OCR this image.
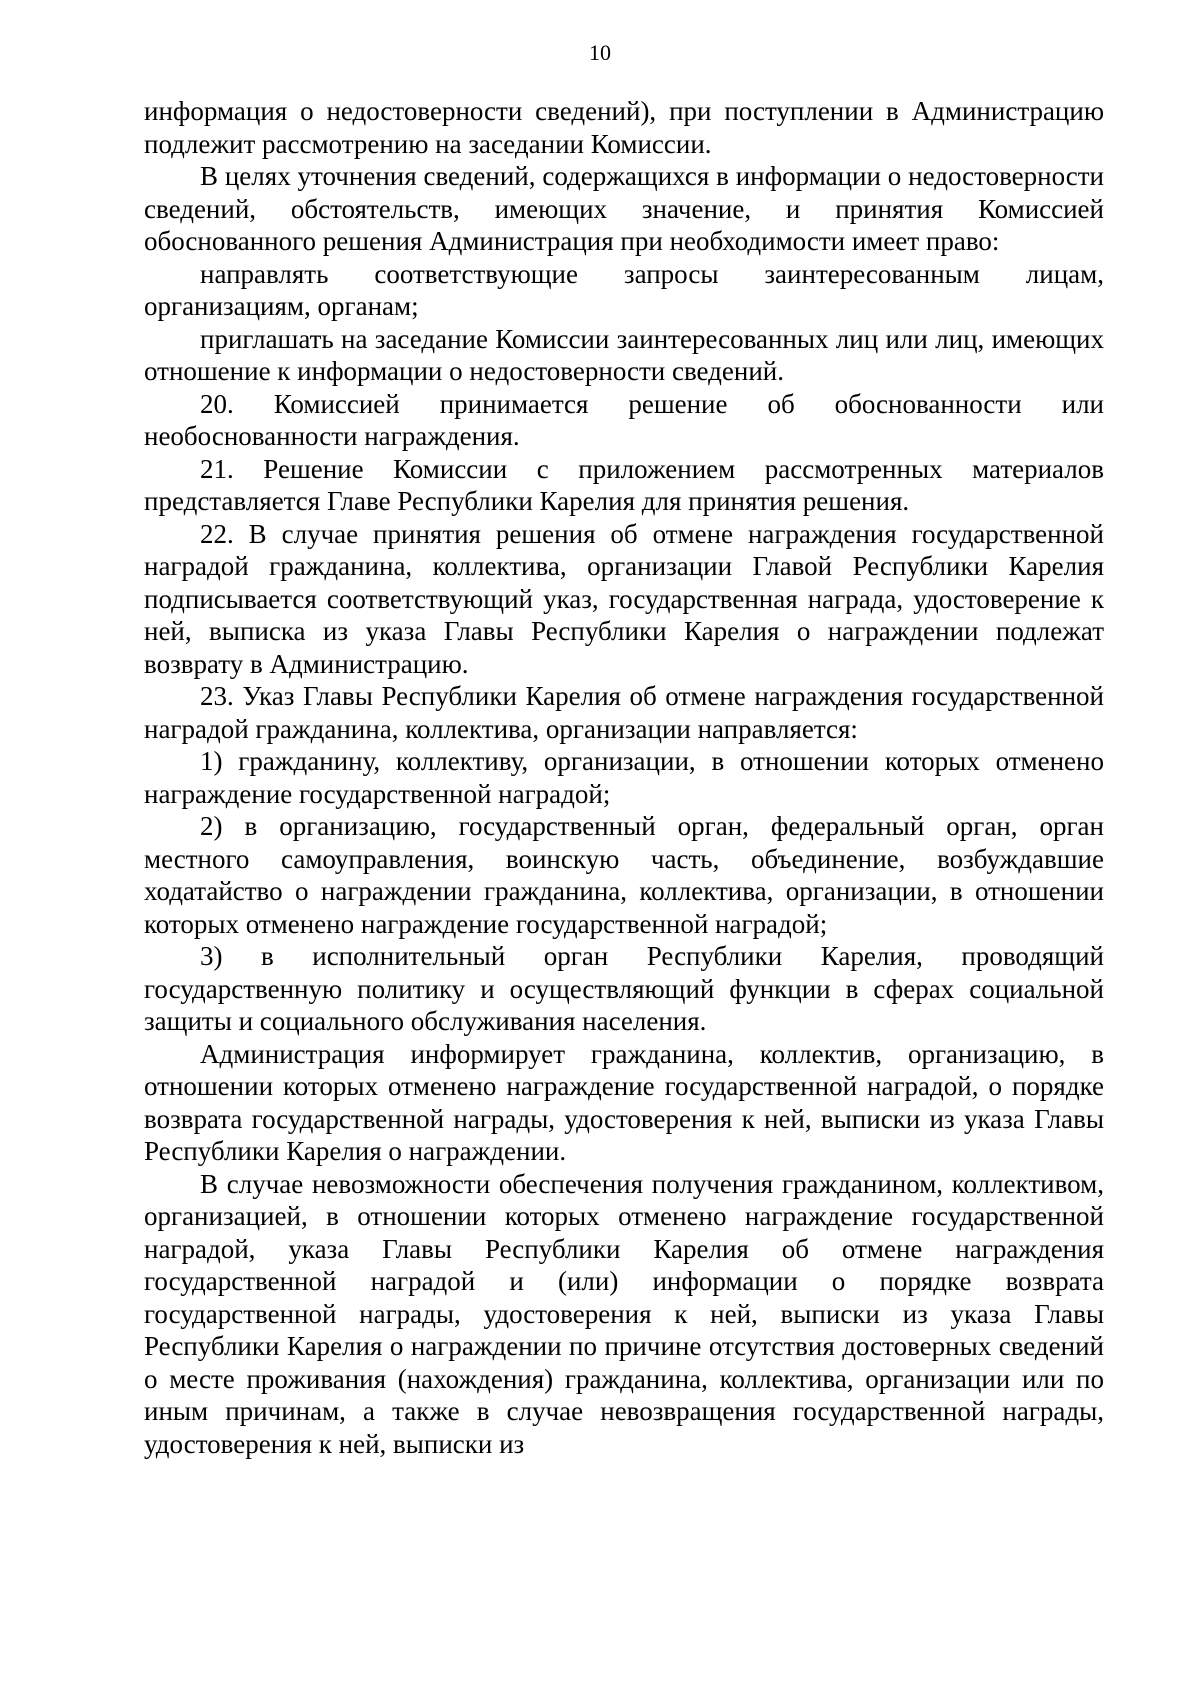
10

информация о недостоверности сведений), при поступлении в Администрацию подлежит рассмотрению на заседании Комиссии.

В целях уточнения сведений, содержащихся в информации о недостоверности сведений, обстоятельств, имеющих значение, и принятия Комиссией обоснованного решения Администрация при необходимости имеет право:

направлять соответствующие запросы заинтересованным лицам, организациям, органам;

приглашать на заседание Комиссии заинтересованных лиц или лиц, имеющих отношение к информации о недостоверности сведений.

20. Комиссией принимается решение об обоснованности или необоснованности награждения.

21. Решение Комиссии с приложением рассмотренных материалов представляется Главе Республики Карелия для принятия решения.

22. В случае принятия решения об отмене награждения государственной наградой гражданина, коллектива, организации Главой Республики Карелия подписывается соответствующий указ, государственная награда, удостоверение к ней, выписка из указа Главы Республики Карелия о награждении подлежат возврату в Администрацию.

23. Указ Главы Республики Карелия об отмене награждения государственной наградой гражданина, коллектива, организации направляется:

1) гражданину, коллективу, организации, в отношении которых отменено награждение государственной наградой;

2) в организацию, государственный орган, федеральный орган, орган местного самоуправления, воинскую часть, объединение, возбуждавшие ходатайство о награждении гражданина, коллектива, организации, в отношении которых отменено награждение государственной наградой;

3) в исполнительный орган Республики Карелия, проводящий государственную политику и осуществляющий функции в сферах социальной защиты и социального обслуживания населения.

Администрация информирует гражданина, коллектив, организацию, в отношении которых отменено награждение государственной наградой, о порядке возврата государственной награды, удостоверения к ней, выписки из указа Главы Республики Карелия о награждении.

В случае невозможности обеспечения получения гражданином, коллективом, организацией, в отношении которых отменено награждение государственной наградой, указа Главы Республики Карелия об отмене награждения государственной наградой и (или) информации о порядке возврата государственной награды, удостоверения к ней, выписки из указа Главы Республики Карелия о награждении по причине отсутствия достоверных сведений о месте проживания (нахождения) гражданина, коллектива, организации или по иным причинам, а также в случае невозвращения государственной награды, удостоверения к ней, выписки из
